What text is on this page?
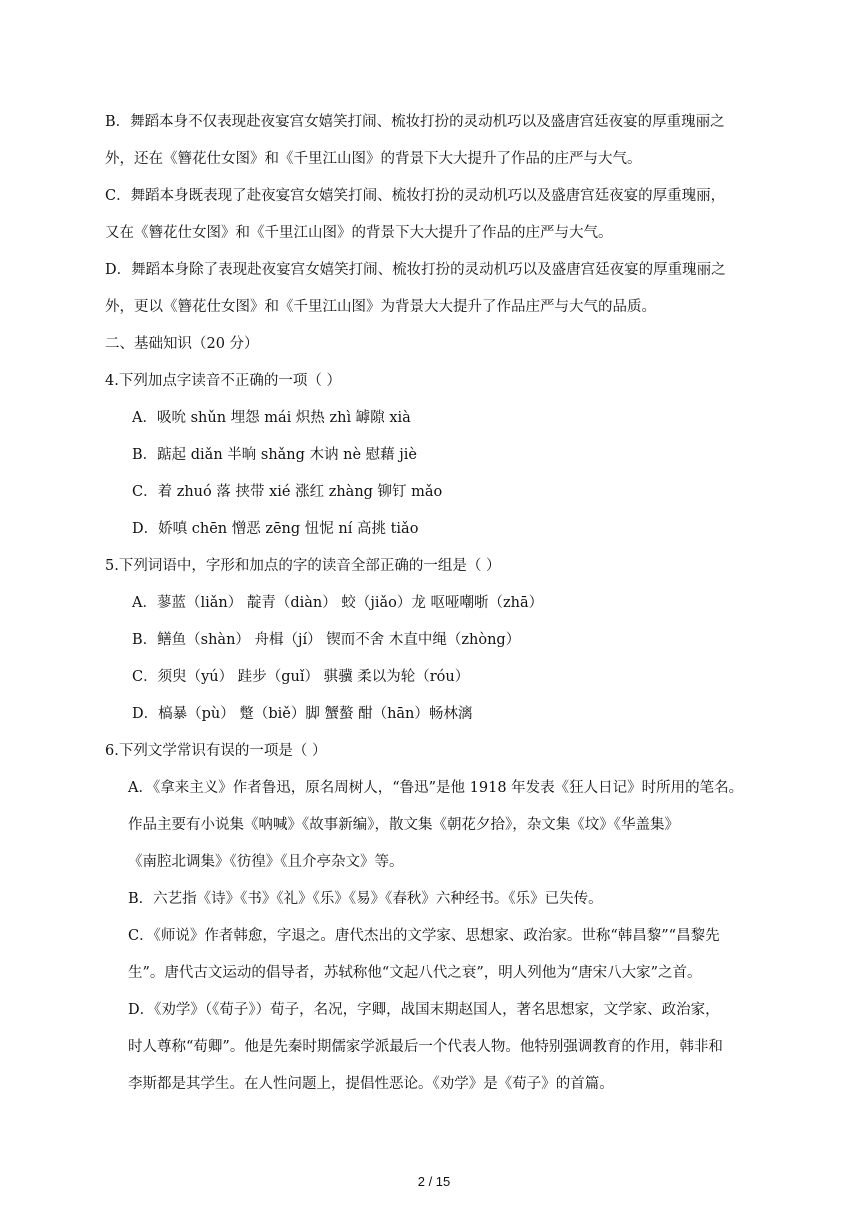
B．舞蹈本身不仅表现赴夜宴宫女嬉笑打闹、梳妆打扮的灵动机巧以及盛唐宫廷夜宴的厚重瑰丽之
外，还在《簪花仕女图》和《千里江山图》的背景下大大提升了作品的庄严与大气。
C．舞蹈本身既表现了赴夜宴宫女嬉笑打闹、梳妆打扮的灵动机巧以及盛唐宫廷夜宴的厚重瑰丽，
又在《簪花仕女图》和《千里江山图》的背景下大大提升了作品的庄严与大气。
D．舞蹈本身除了表现赴夜宴宫女嬉笑打闹、梳妆打扮的灵动机巧以及盛唐宫廷夜宴的厚重瑰丽之
外，更以《簪花仕女图》和《千里江山图》为背景大大提升了作品庄严与大气的品质。
二、基础知识（20 分）
4.下列加点字读音不正确的一项（ ）
A．吸吮 shǔn 埋怨 mái 炽热 zhì 罅隙 xià
B．踮起 diǎn 半晌 shǎng 木讷 nè 慰藉 jiè
C．着 zhuó 落 挟带 xié 涨红 zhàng 铆钉 mǎo
D．娇嗔 chēn 憎恶 zēng 忸怩 ní 高挑 tiǎo
5.下列词语中，字形和加点的字的读音全部正确的一组是（ ）
A．蓼蓝（liǎn） 靛青（diàn） 蛟（jiǎo）龙 呕哑嘲哳（zhā）
B．鳝鱼（shàn） 舟楫（jí） 锲而不舍 木直中绳（zhòng）
C．须臾（yú） 跬步（guǐ） 骐骥 柔以为轮（róu）
D．槁暴（pù） 蹩（biě）脚 蟹螯 酣（hān）畅林漓
6.下列文学常识有误的一项是（ ）
A．《拿来主义》作者鲁迅，原名周树人，“鲁迅”是他 1918 年发表《狂人日记》时所用的笔名。
作品主要有小说集《呐喊》《故事新编》，散文集《朝花夕拾》，杂文集《坟》《华盖集》
《南腔北调集》《彷徨》《且介亭杂文》等。
B．六艺指《诗》《书》《礼》《乐》《易》《春秋》六种经书。《乐》已失传。
C．《师说》作者韩愈，字退之。唐代杰出的文学家、思想家、政治家。世称“韩昌黎”“昌黎先
生”。唐代古文运动的倡导者，苏轼称他“文起八代之衰”，明人列他为“唐宋八大家”之首。
D．《劝学》（《荀子》）荀子，名况，字卿，战国末期赵国人，著名思想家，文学家、政治家，
时人尊称“荀卿”。他是先秦时期儒家学派最后一个代表人物。他特别强调教育的作用，韩非和
李斯都是其学生。在人性问题上，提倡性恶论。《劝学》是《荀子》的首篇。
2 / 15
